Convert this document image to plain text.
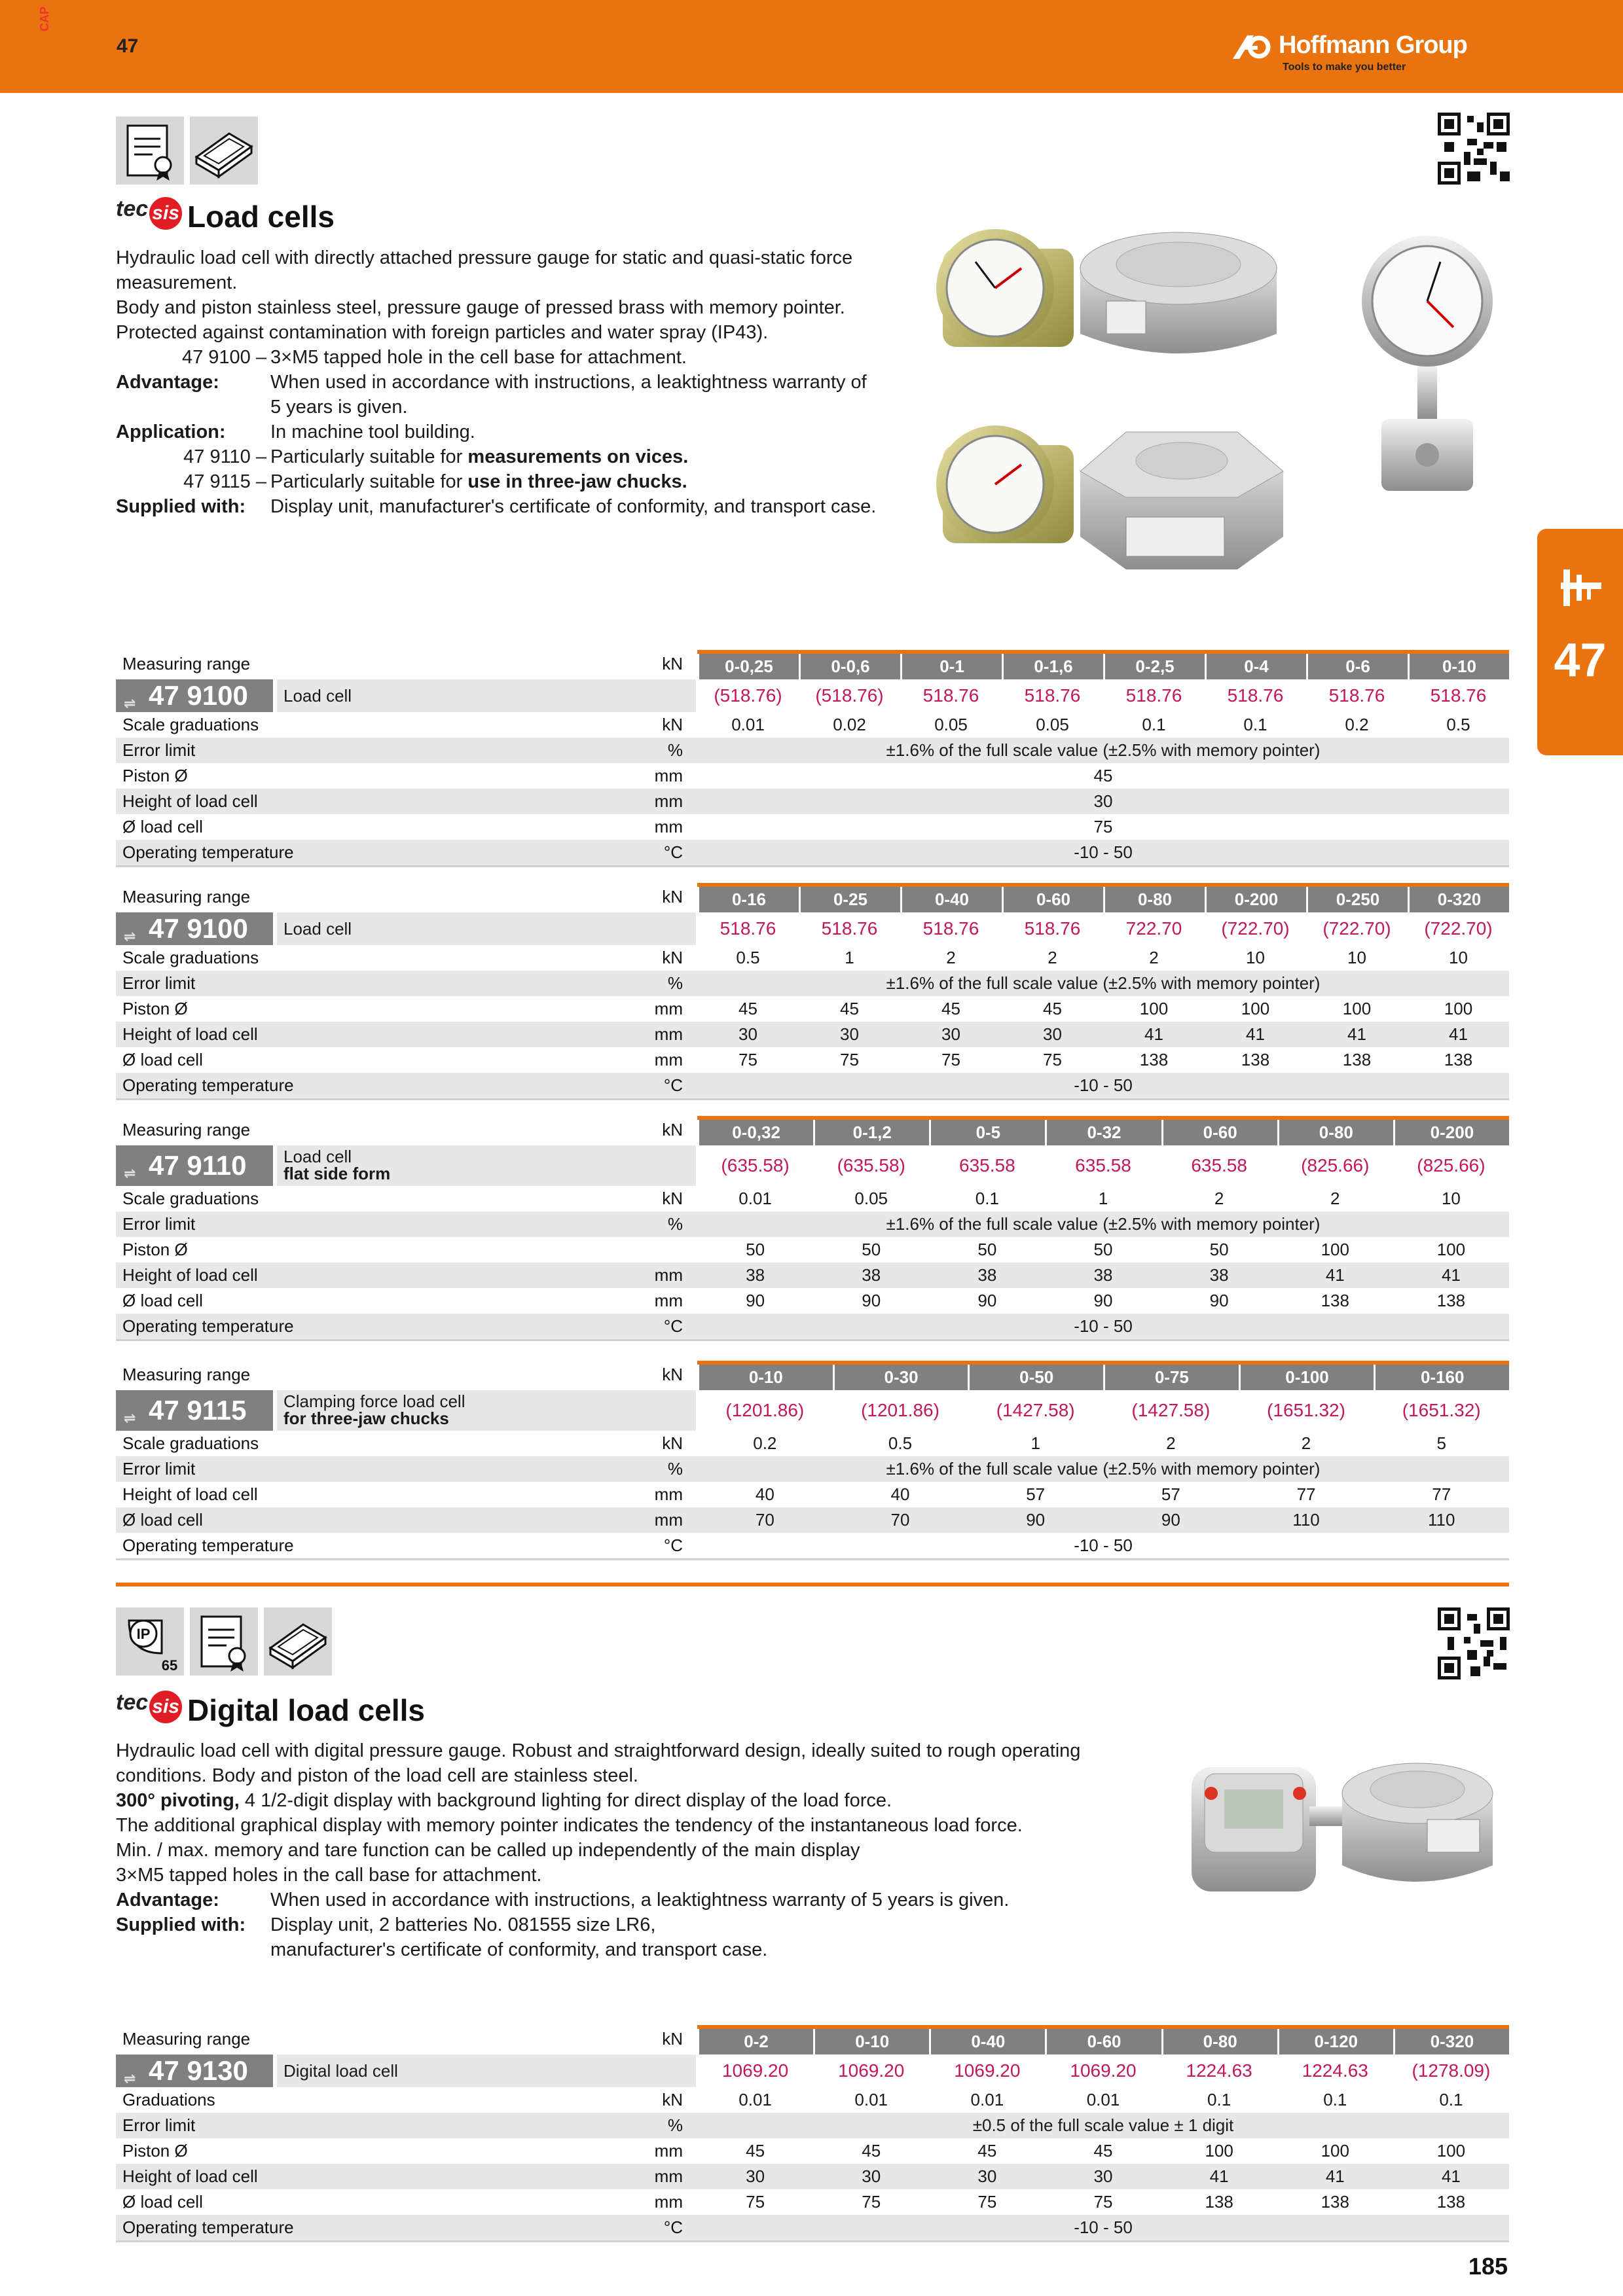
CAP
47	Hoffmann Group
Tools to make you better
47
tec sis Load cells
Hydraulic load cell with directly attached pressure gauge for static and quasi-static force
measurement.
Body and piston stainless steel, pressure gauge of pressed brass with memory pointer.
Protected against contamination with foreign particles and water spray (IP43).
47 9100 – 3×M5 tapped hole in the cell base for attachment.
Advantage:	When used in accordance with instructions, a leaktightness warranty of
5 years is given.
Application: In machine tool building.
47 9110 – Particularly suitable for measurements on vices.
47 9115 – Particularly suitable for use in three-jaw chucks.
Supplied with: Display unit, manufacturer's certificate of conformity, and transport case.
Measuring range	kN	0-0,25	0-0,6	0-1	0-1,6	0-2,5	0-4	0-6	0-10
⇌ 47 9100	Load cell	(518.76)	(518.76)	518.76	518.76	518.76	518.76	518.76	518.76
Scale graduations	kN	0.01	0.02	0.05	0.05	0.1	0.1	0.2	0.5
Error limit	%	±1.6% of the full scale value (±2.5% with memory pointer)
Piston Ø	mm	45
Height of load cell	mm	30
Ø load cell	mm	75
Operating temperature	°C	-10 - 50
Measuring range	kN	0-16	0-25	0-40	0-60	0-80	0-200	0-250	0-320
⇌ 47 9100	Load cell	518.76	518.76	518.76	518.76	722.70	(722.70)	(722.70)	(722.70)
Scale graduations	kN	0.5	1	2	2	2	10	10	10
Error limit	%	±1.6% of the full scale value (±2.5% with memory pointer)
Piston Ø	mm	45	45	45	45	100	100	100	100
Height of load cell	mm	30	30	30	30	41	41	41	41
Ø load cell	mm	75	75	75	75	138	138	138	138
Operating temperature	°C	-10 - 50
Measuring range	kN	0-0,32	0-1,2	0-5	0-32	0-60	0-80	0-200
⇌ 47 9110	Load cell
flat side form	(635.58)	(635.58)	635.58	635.58	635.58	(825.66)	(825.66)
Scale graduations	kN	0.01	0.05	0.1	1	2	2	10
Error limit	%	±1.6% of the full scale value (±2.5% with memory pointer)
Piston Ø	50	50	50	50	50	100	100
Height of load cell	mm	38	38	38	38	38	41	41
Ø load cell	mm	90	90	90	90	90	138	138
Operating temperature	°C	-10 - 50
Measuring range	kN	0-10	0-30	0-50	0-75	0-100	0-160
⇌ 47 9115	Clamping force load cell
for three-jaw chucks	(1201.86)	(1201.86)	(1427.58)	(1427.58)	(1651.32)	(1651.32)
Scale graduations	kN	0.2	0.5	1	2	2	5
Error limit	%	±1.6% of the full scale value (±2.5% with memory pointer)
Height of load cell	mm	40	40	57	57	77	77
Ø load cell	mm	70	70	90	90	110	110
Operating temperature	°C	-10 - 50
IP
65
tec sis Digital load cells
Hydraulic load cell with digital pressure gauge. Robust and straightforward design, ideally suited to rough operating
conditions. Body and piston of the load cell are stainless steel.
300° pivoting, 4 1/2-digit display with background lighting for direct display of the load force.
The additional graphical display with memory pointer indicates the tendency of the instantaneous load force.
Min. / max. memory and tare function can be called up independently of the main display
3×M5 tapped holes in the call base for attachment.
Advantage:	When used in accordance with instructions, a leaktightness warranty of 5 years is given.
Supplied with: Display unit, 2 batteries No. 081555 size LR6,
manufacturer's certificate of conformity, and transport case.
Measuring range	kN	0-2	0-10	0-40	0-60	0-80	0-120	0-320
⇌ 47 9130	Digital load cell	1069.20	1069.20	1069.20	1069.20	1224.63	1224.63	(1278.09)
Graduations	kN	0.01	0.01	0.01	0.01	0.1	0.1	0.1
Error limit	%	±0.5 of the full scale value ± 1 digit
Piston Ø	mm	45	45	45	45	100	100	100
Height of load cell	mm	30	30	30	30	41	41	41
Ø load cell	mm	75	75	75	75	138	138	138
Operating temperature	°C	-10 - 50
185
